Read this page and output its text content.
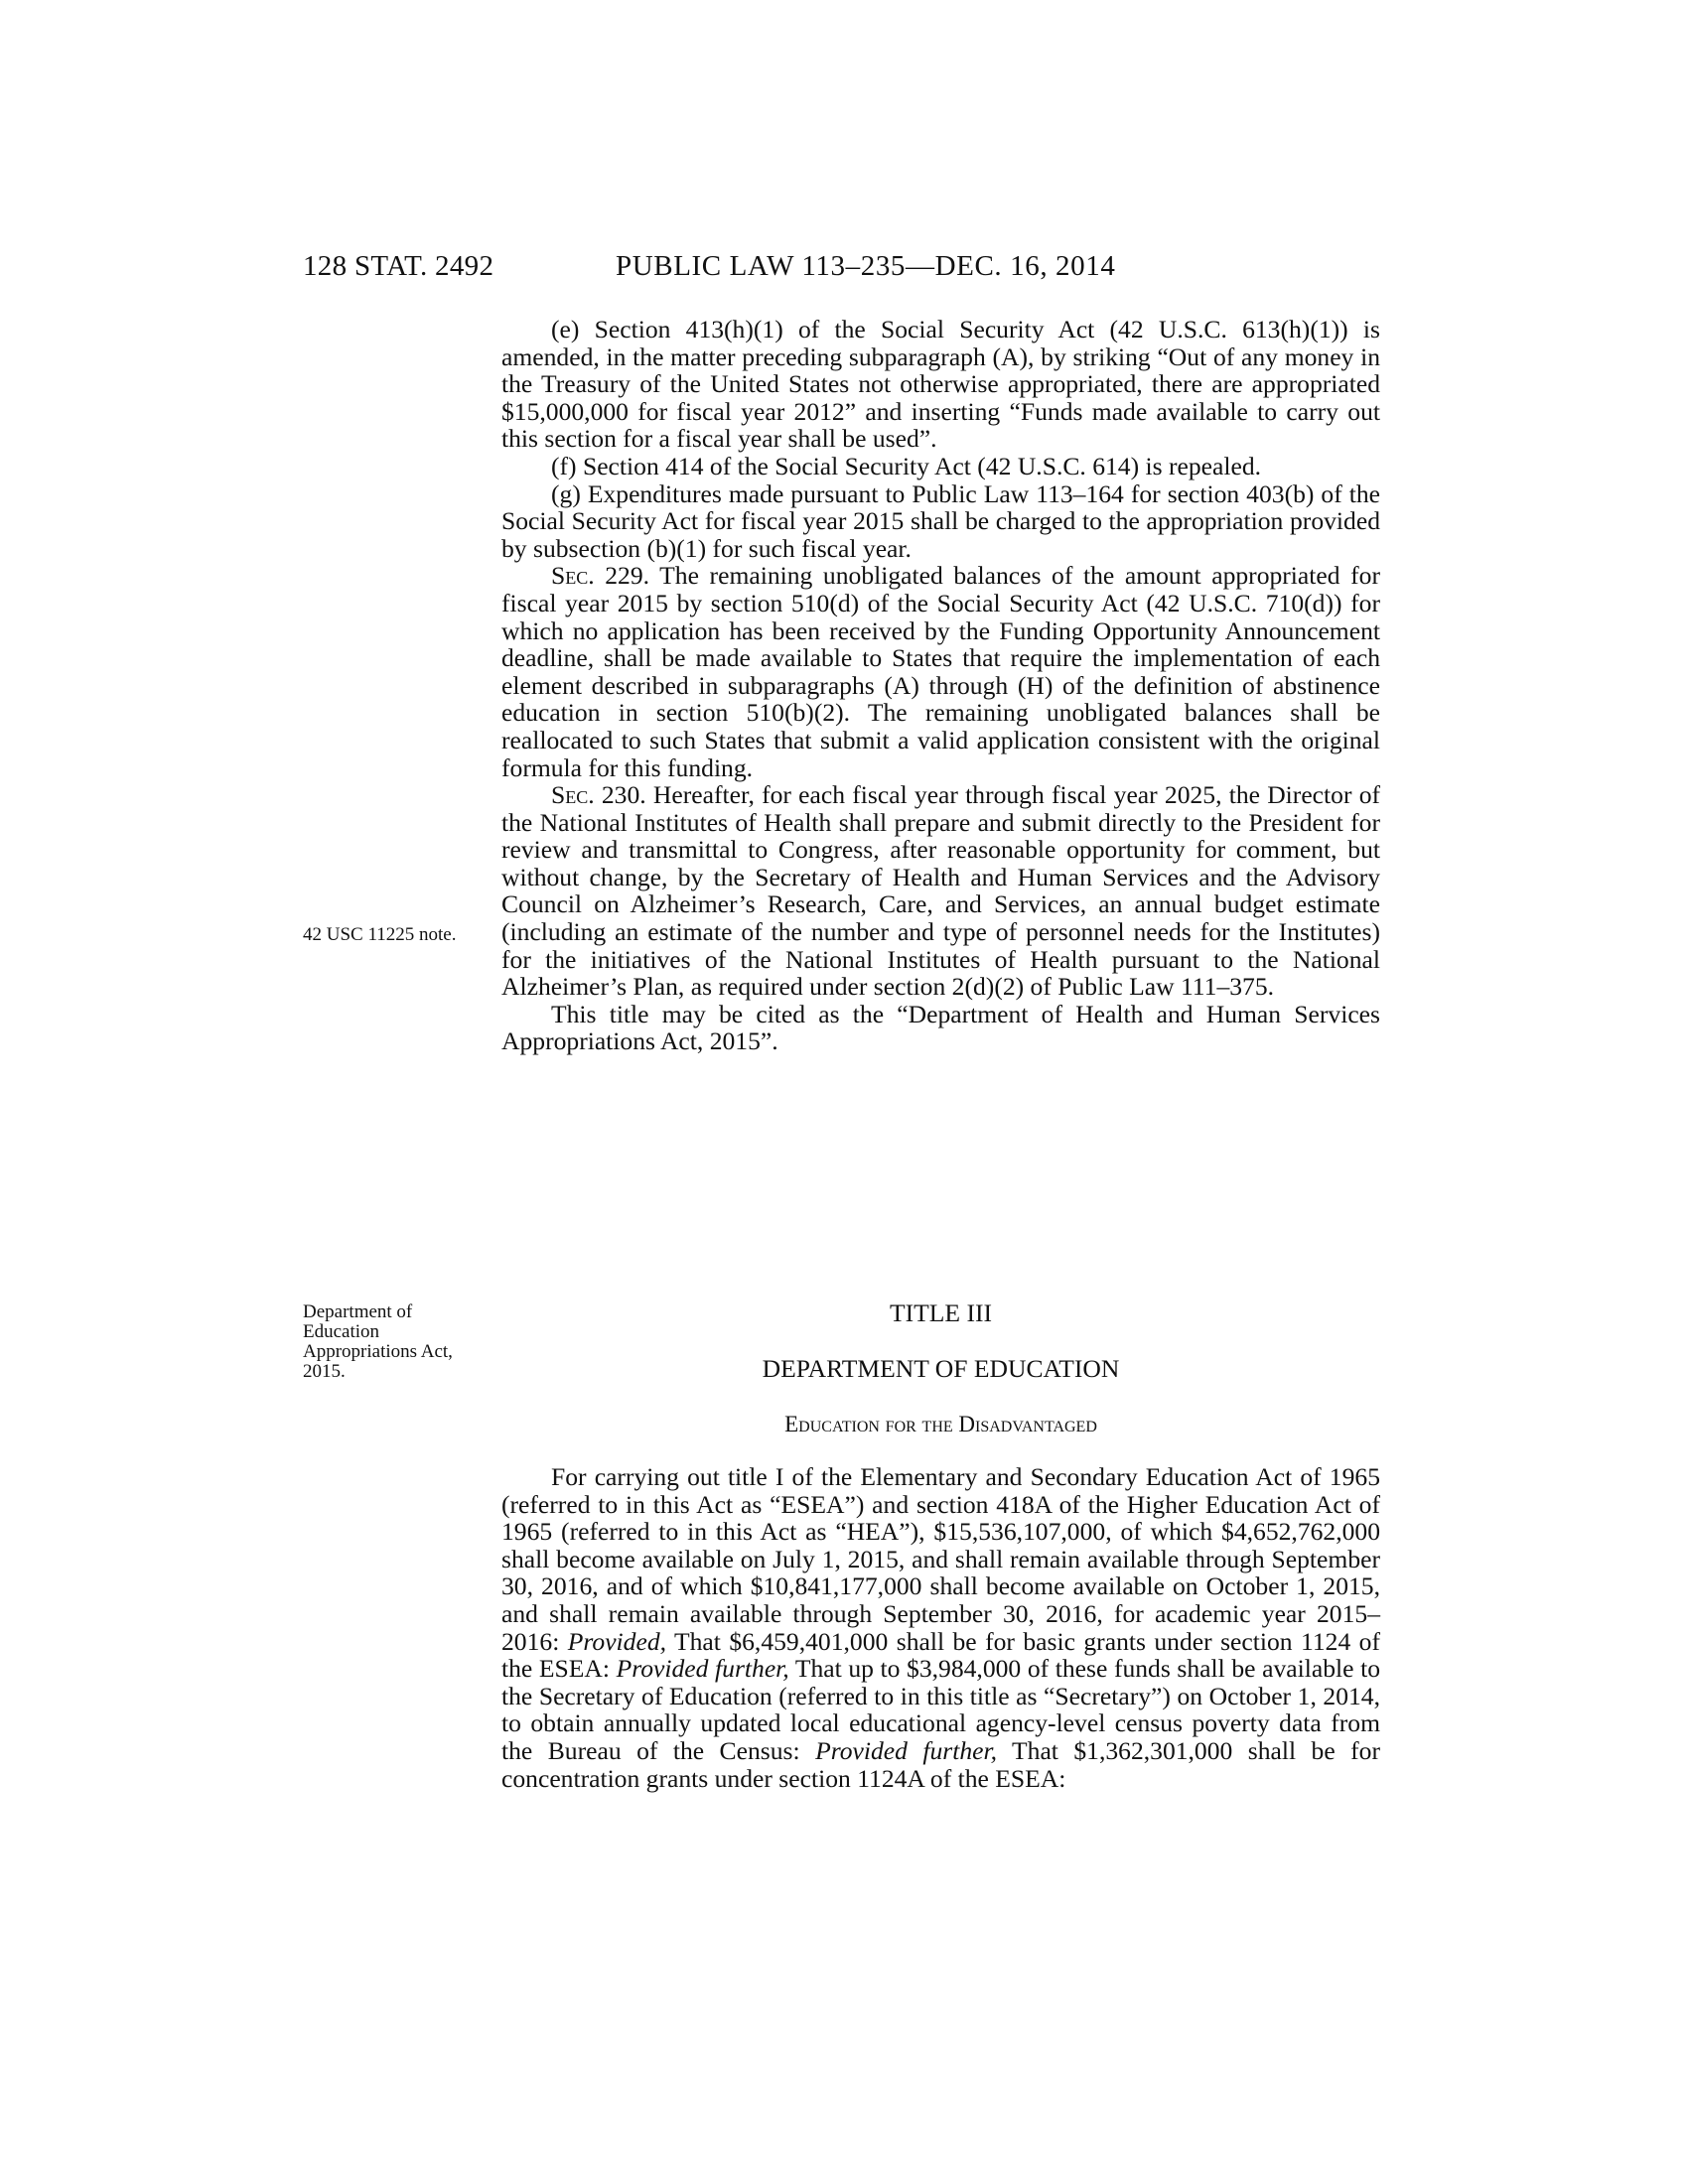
128 STAT. 2492	PUBLIC LAW 113–235—DEC. 16, 2014

(e) Section 413(h)(1) of the Social Security Act (42 U.S.C. 613(h)(1)) is amended, in the matter preceding subparagraph (A), by striking “Out of any money in the Treasury of the United States not otherwise appropriated, there are appropriated $15,000,000 for fiscal year 2012” and inserting “Funds made available to carry out this section for a fiscal year shall be used”.

(f) Section 414 of the Social Security Act (42 U.S.C. 614) is repealed.

(g) Expenditures made pursuant to Public Law 113–164 for section 403(b) of the Social Security Act for fiscal year 2015 shall be charged to the appropriation provided by subsection (b)(1) for such fiscal year.

Sec. 229. The remaining unobligated balances of the amount appropriated for fiscal year 2015 by section 510(d) of the Social Security Act (42 U.S.C. 710(d)) for which no application has been received by the Funding Opportunity Announcement deadline, shall be made available to States that require the implementation of each element described in subparagraphs (A) through (H) of the definition of abstinence education in section 510(b)(2). The remaining unobligated balances shall be reallocated to such States that submit a valid application consistent with the original formula for this funding.

Sec. 230. Hereafter, for each fiscal year through fiscal year 2025, the Director of the National Institutes of Health shall prepare and submit directly to the President for review and transmittal to Congress, after reasonable opportunity for comment, but without change, by the Secretary of Health and Human Services and the Advisory Council on Alzheimer’s Research, Care, and Services, an annual budget estimate (including an estimate of the number and type of personnel needs for the Institutes) for the initiatives of the National Institutes of Health pursuant to the National Alzheimer’s Plan, as required under section 2(d)(2) of Public Law 111–375.

This title may be cited as the “Department of Health and Human Services Appropriations Act, 2015”.

42 USC 11225 note.
Department of Education Appropriations Act, 2015.
TITLE III
DEPARTMENT OF EDUCATION
Education for the Disadvantaged

For carrying out title I of the Elementary and Secondary Education Act of 1965 (referred to in this Act as “ESEA”) and section 418A of the Higher Education Act of 1965 (referred to in this Act as “HEA”), $15,536,107,000, of which $4,652,762,000 shall become available on July 1, 2015, and shall remain available through September 30, 2016, and of which $10,841,177,000 shall become available on October 1, 2015, and shall remain available through September 30, 2016, for academic year 2015–2016: Provided, That $6,459,401,000 shall be for basic grants under section 1124 of the ESEA: Provided further, That up to $3,984,000 of these funds shall be available to the Secretary of Education (referred to in this title as “Secretary”) on October 1, 2014, to obtain annually updated local educational agency-level census poverty data from the Bureau of the Census: Provided further, That $1,362,301,000 shall be for concentration grants under section 1124A of the ESEA:
